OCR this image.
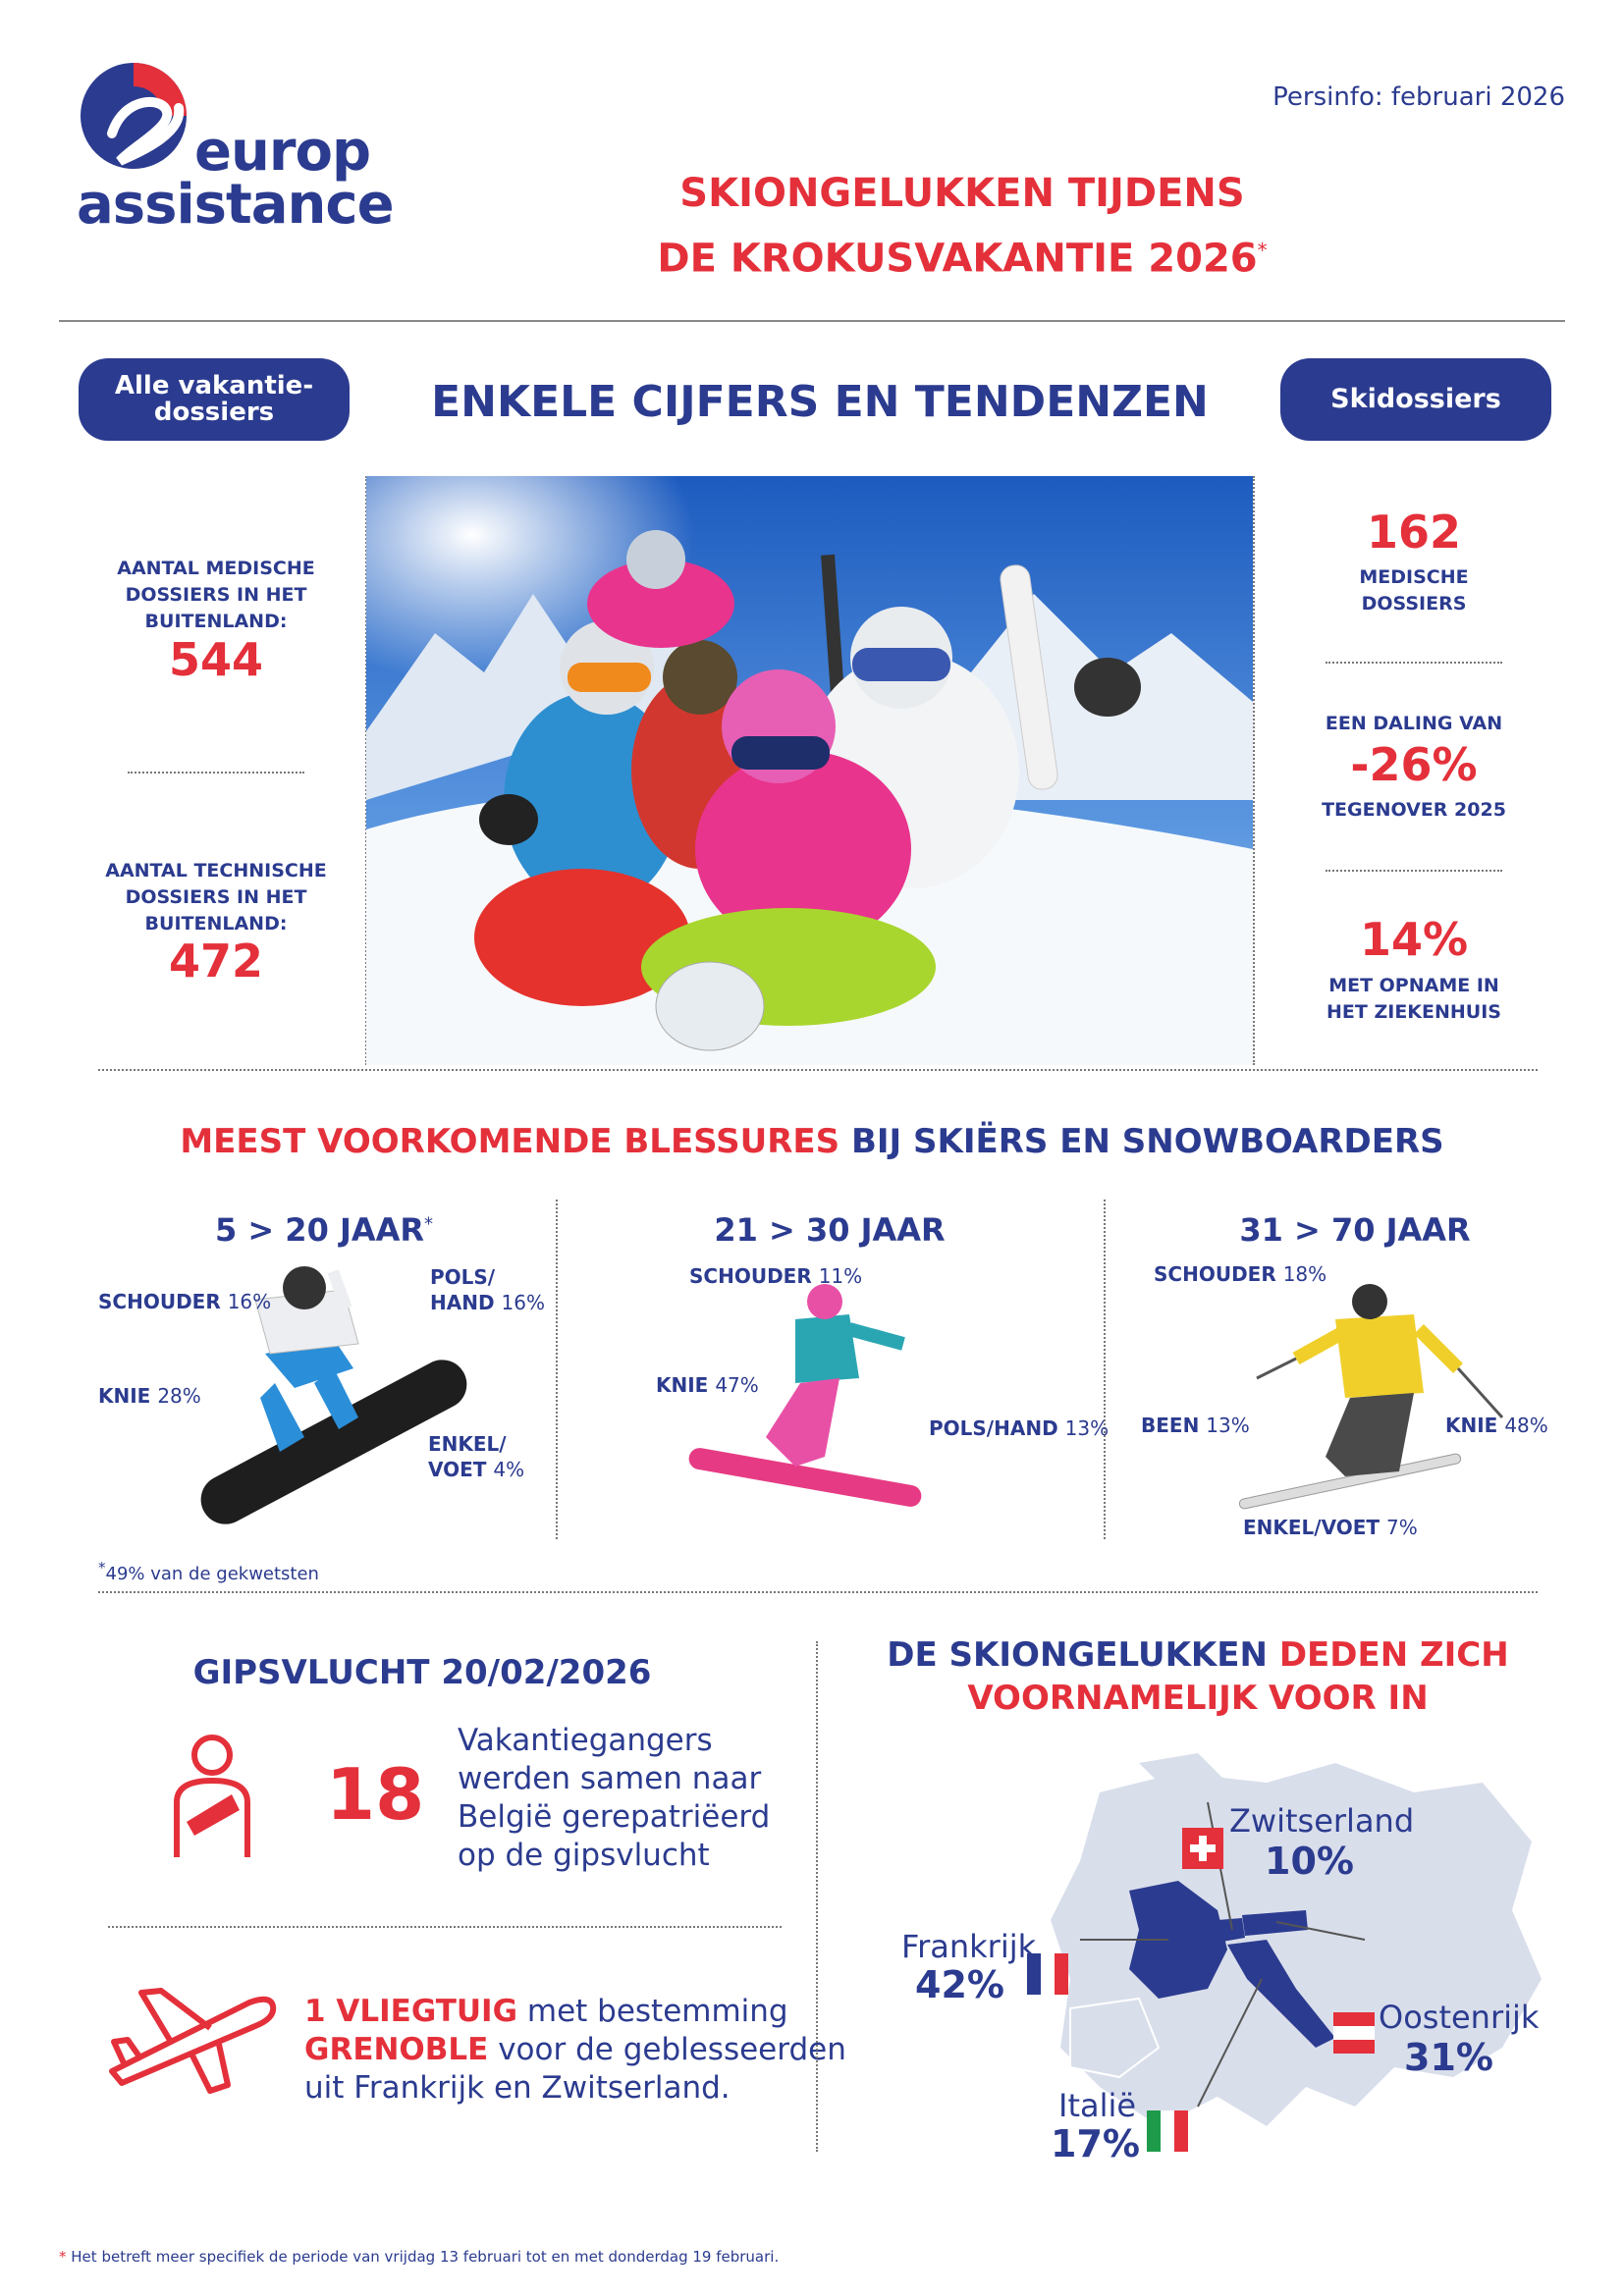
europ
assistance
Persinfo: februari 2026
SKIONGELUKKEN TIJDENS
DE KROKUSVAKANTIE 2026*
Alle vakantie-
dossiers	ENKELE CIJFERS EN TENDENZEN	Skidossiers
AANTAL MEDISCHE
DOSSIERS IN HET
BUITENLAND:
544
AANTAL TECHNISCHE
DOSSIERS IN HET
BUITENLAND:
472
162
MEDISCHE
DOSSIERS
EEN DALING VAN
-26%
TEGENOVER 2025
14%
MET OPNAME IN
HET ZIEKENHUIS
MEEST VOORKOMENDE BLESSURES BIJ SKIËRS EN SNOWBOARDERS
5 > 20 JAAR*
SCHOUDER 16%
POLS/
HAND 16%
KNIE 28%
ENKEL/
VOET 4%
21 > 30 JAAR
SCHOUDER 11%
KNIE 47%
POLS/HAND 13%
31 > 70 JAAR
SCHOUDER 18%
BEEN 13%	KNIE 48%
ENKEL/VOET 7%
*49% van de gekwetsten
GIPSVLUCHT 20/02/2026
18
Vakantiegangers
werden samen naar
België gerepatriëerd
op de gipsvlucht
1 VLIEGTUIG met bestemming
GRENOBLE voor de geblesseerden
uit Frankrijk en Zwitserland.
DE SKIONGELUKKEN DEDEN ZICH
VOORNAMELIJK VOOR IN
Zwitserland
10%
Frankrijk
42%
Oostenrijk
31%
Italië
17%
* Het betreft meer specifiek de periode van vrijdag 13 februari tot en met donderdag 19 februari.
